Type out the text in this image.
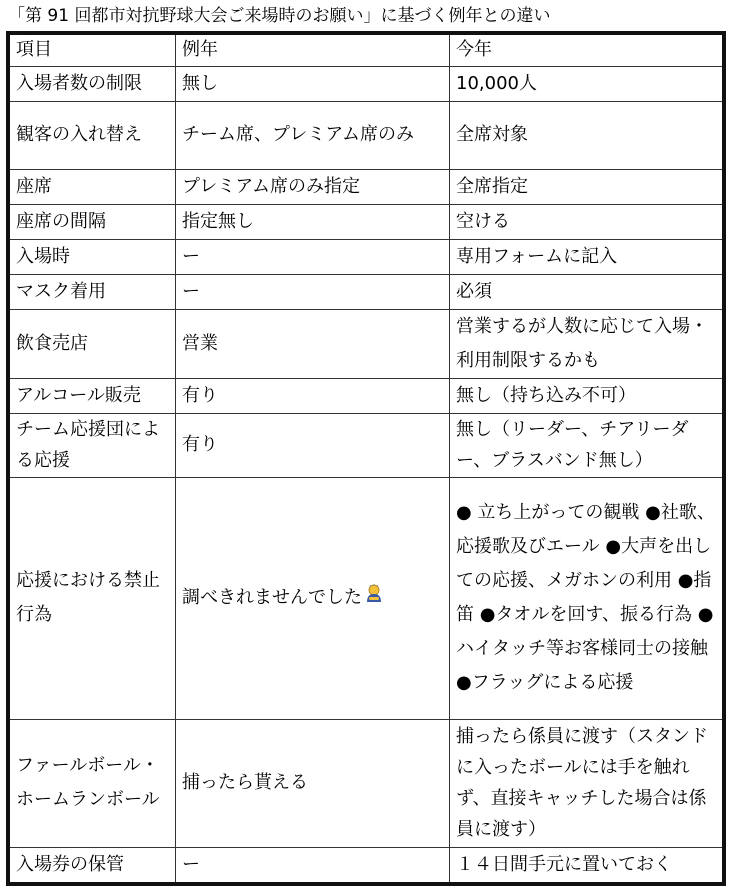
「第 91 回都市対抗野球大会ご来場時のお願い」に基づく例年との違い
項目	例年	今年
入場者数の制限	無し	10,000人
観客の入れ替え	チーム席、プレミアム席のみ	全席対象
座席	プレミアム席のみ指定	全席指定
座席の間隔	指定無し	空ける
入場時	ー	専用フォームに記入
マスク着用	ー	必須
飲食売店	営業	営業するが人数に応じて入場・利用制限するかも
アルコール販売	有り	無し（持ち込み不可）
チーム応援団による応援	有り	無し（リーダー、チアリーダー、ブラスバンド無し）
応援における禁止行為	調べきれませんでした	● 立ち上がっての観戦 ●社歌、応援歌及びエール ●大声を出しての応援、メガホンの利用 ●指笛 ●タオルを回す、振る行為 ●ハイタッチ等お客様同士の接触 ●フラッグによる応援
ファールボール・ホームランボール	捕ったら貰える	捕ったら係員に渡す（スタンドに入ったボールには手を触れず、直接キャッチした場合は係員に渡す）
入場券の保管	ー	１４日間手元に置いておく
